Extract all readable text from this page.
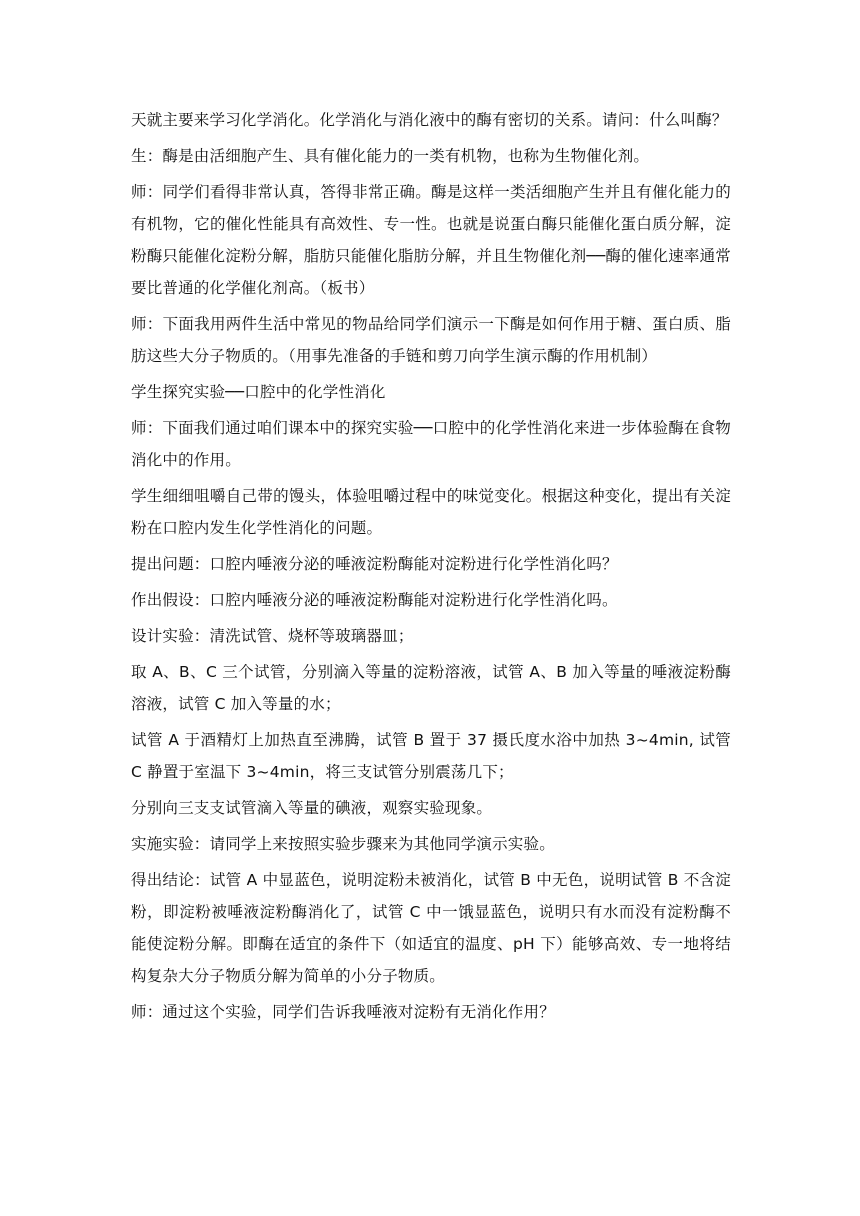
天就主要来学习化学消化。化学消化与消化液中的酶有密切的关系。请问：什么叫酶？

生：酶是由活细胞产生、具有催化能力的一类有机物，也称为生物催化剂。

师：同学们看得非常认真，答得非常正确。酶是这样一类活细胞产生并且有催化能力的有机物，它的催化性能具有高效性、专一性。也就是说蛋白酶只能催化蛋白质分解，淀粉酶只能催化淀粉分解，脂肪只能催化脂肪分解，并且生物催化剂──酶的催化速率通常要比普通的化学催化剂高。（板书）

师：下面我用两件生活中常见的物品给同学们演示一下酶是如何作用于糖、蛋白质、脂肪这些大分子物质的。（用事先准备的手链和剪刀向学生演示酶的作用机制）

学生探究实验──口腔中的化学性消化

师：下面我们通过咱们课本中的探究实验──口腔中的化学性消化来进一步体验酶在食物消化中的作用。

学生细细咀嚼自己带的馒头，体验咀嚼过程中的味觉变化。根据这种变化，提出有关淀粉在口腔内发生化学性消化的问题。

提出问题：口腔内唾液分泌的唾液淀粉酶能对淀粉进行化学性消化吗？

作出假设：口腔内唾液分泌的唾液淀粉酶能对淀粉进行化学性消化吗。

设计实验：清洗试管、烧杯等玻璃器皿；

取 A、B、C 三个试管，分别滴入等量的淀粉溶液，试管 A、B 加入等量的唾液淀粉酶溶液，试管 C 加入等量的水；

试管 A 于酒精灯上加热直至沸腾，试管 B 置于 37 摄氏度水浴中加热 3~4min, 试管 C 静置于室温下 3~4min，将三支试管分别震荡几下；

分别向三支支试管滴入等量的碘液，观察实验现象。

实施实验：请同学上来按照实验步骤来为其他同学演示实验。

得出结论：试管 A 中显蓝色，说明淀粉未被消化，试管 B 中无色，说明试管 B 不含淀粉，即淀粉被唾液淀粉酶消化了，试管 C 中一饿显蓝色，说明只有水而没有淀粉酶不能使淀粉分解。即酶在适宜的条件下（如适宜的温度、pH 下）能够高效、专一地将结构复杂大分子物质分解为简单的小分子物质。

师：通过这个实验，同学们告诉我唾液对淀粉有无消化作用？
